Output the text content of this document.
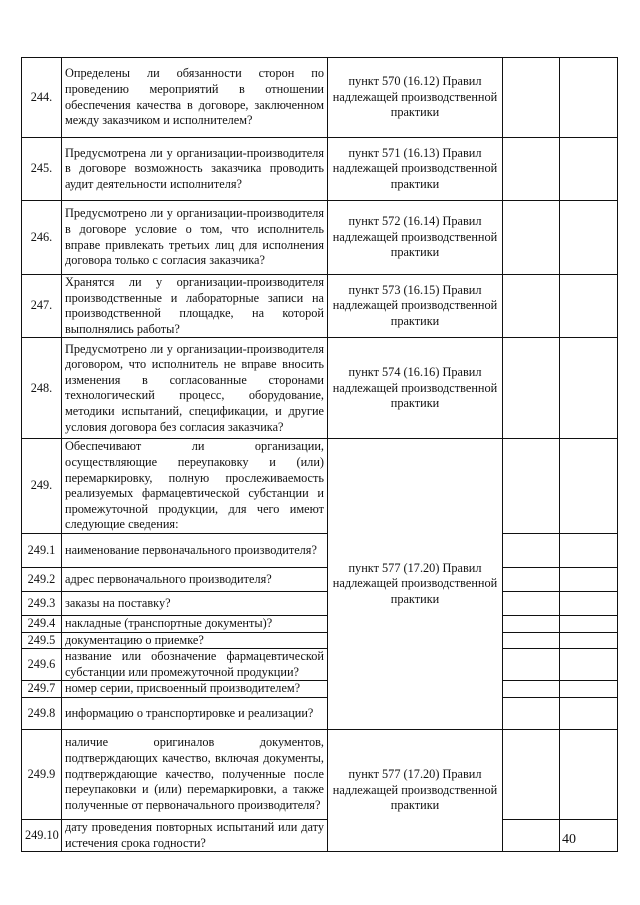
244.	Определены ли обязанности сторон по проведению мероприятий в отношении обеспечения качества в договоре, заключенном между заказчиком и исполнителем?	пункт 570 (16.12) Правил надлежащей производственной практики		
245.	Предусмотрена ли у организации-производителя в договоре возможность заказчика проводить аудит деятельности исполнителя?	пункт 571 (16.13) Правил надлежащей производственной практики		
246.	Предусмотрено ли у организации-производителя в договоре условие о том, что исполнитель вправе привлекать третьих лиц для исполнения договора только с согласия заказчика?	пункт 572 (16.14) Правил надлежащей производственной практики		
247.	Хранятся ли у организации-производителя производственные и лабораторные записи на производственной площадке, на которой выполнялись работы?	пункт 573 (16.15) Правил надлежащей производственной практики		
248.	Предусмотрено ли у организации-производителя договором, что исполнитель не вправе вносить изменения в согласованные сторонами технологический процесс, оборудование, методики испытаний, спецификации, и другие условия договора без согласия заказчика?	пункт 574 (16.16) Правил надлежащей производственной практики		
249.	Обеспечивают ли организации, осуществляющие переупаковку и (или) перемаркировку, полную прослеживаемость реализуемых фармацевтической субстанции и промежуточной продукции, для чего имеют следующие сведения:	пункт 577 (17.20) Правил надлежащей производственной практики		
249.1	наименование первоначального производителя?			
249.2	адрес первоначального производителя?			
249.3	заказы на поставку?			
249.4	накладные (транспортные документы)?			
249.5	документацию о приемке?			
249.6	название или обозначение фармацевтической субстанции или промежуточной продукции?			
249.7	номер серии, присвоенный производителем?			
249.8	информацию о транспортировке и реализации?			
249.9	наличие оригиналов документов, подтверждающих качество, включая документы, подтверждающие качество, полученные после переупаковки и (или) перемаркировки, а также полученные от первоначального производителя?	пункт 577 (17.20) Правил надлежащей производственной практики		
249.10	дату проведения повторных испытаний или дату истечения срока годности?				40
